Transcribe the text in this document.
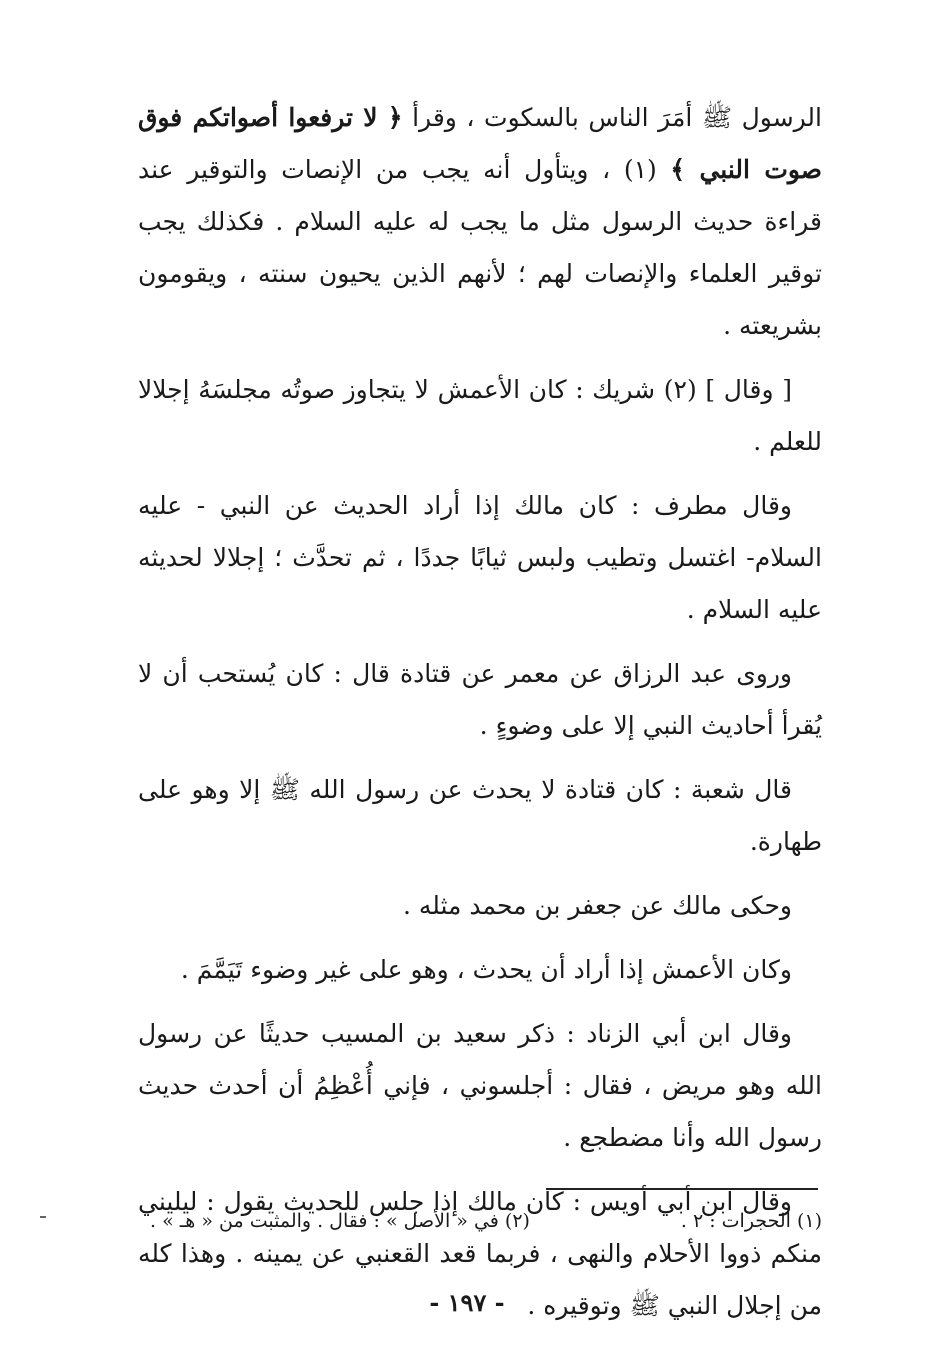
الرسول ﷺ أمَرَ الناس بالسكوت ، وقرأ ﴿ لا ترفعوا أصواتكم فوق صوت النبي ﴾ (١) ، ويتأول أنه يجب من الإنصات والتوقير عند قراءة حديث الرسول مثل ما يجب له عليه السلام . فكذلك يجب توقير العلماء والإنصات لهم ؛ لأنهم الذين يحيون سنته ، ويقومون بشريعته .

[ وقال ] (٢) شريك : كان الأعمش لا يتجاوز صوتُه مجلسَهُ إجلالا للعلم .

وقال مطرف : كان مالك إذا أراد الحديث عن النبي - عليه السلام- اغتسل وتطيب ولبس ثيابًا جددًا ، ثم تحدَّث ؛ إجلالا لحديثه عليه السلام .

وروى عبد الرزاق عن معمر عن قتادة قال : كان يُستحب أن لا يُقرأ أحاديث النبي إلا على وضوءٍ .

قال شعبة : كان قتادة لا يحدث عن رسول الله ﷺ إلا وهو على طهارة.

وحكى مالك عن جعفر بن محمد مثله .

وكان الأعمش إذا أراد أن يحدث ، وهو على غير وضوء تَيَمَّمَ .

وقال ابن أبي الزناد : ذكر سعيد بن المسيب حديثًا عن رسول الله وهو مريض ، فقال : أجلسوني ، فإني أُعْظِمُ أن أحدث حديث رسول الله وأنا مضطجع .

وقال ابن أبي أويس : كان مالك إذا جلس للحديث يقول : ليليني منكم ذووا الأحلام والنهى ، فربما قعد القعنبي عن يمينه . وهذا كله من إجلال النبي ﷺ وتوقيره .

(١) الحجرات : ٢ .
(٢) في « الأصل » : فقال . والمثبت من « هـ » .
- ١٩٧ -
